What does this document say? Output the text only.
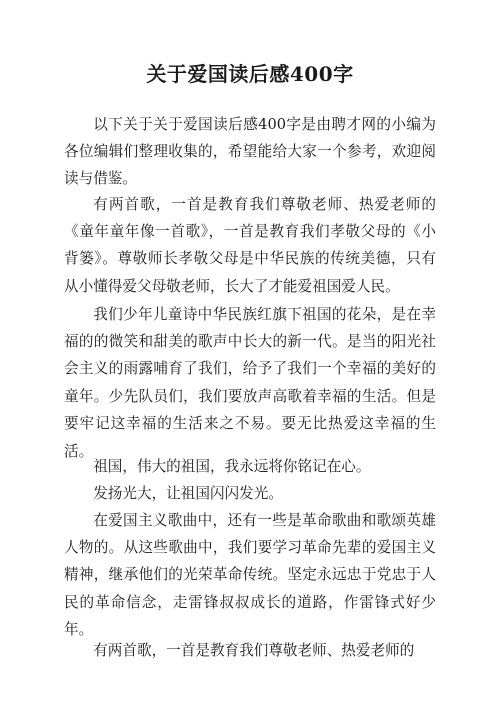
关于爱国读后感400字

以下关于关于爱国读后感400字是由聘才网的小编为各位编辑们整理收集的，希望能给大家一个参考，欢迎阅读与借鉴。

有两首歌，一首是教育我们尊敬老师、热爱老师的《童年童年像一首歌》，一首是教育我们孝敬父母的《小背篓》。尊敬师长孝敬父母是中华民族的传统美德，只有从小懂得爱父母敬老师，长大了才能爱祖国爱人民。

我们少年儿童诗中华民族红旗下祖国的花朵，是在幸福的的微笑和甜美的歌声中长大的新一代。是当的阳光社会主义的雨露哺育了我们，给予了我们一个幸福的美好的童年。少先队员们，我们要放声高歌着幸福的生活。但是要牢记这幸福的生活来之不易。要无比热爱这幸福的生活。

祖国，伟大的祖国，我永远将你铭记在心。

发扬光大，让祖国闪闪发光。

在爱国主义歌曲中，还有一些是革命歌曲和歌颂英雄人物的。从这些歌曲中，我们要学习革命先辈的爱国主义精神，继承他们的光荣革命传统。坚定永远忠于党忠于人民的革命信念，走雷锋叔叔成长的道路，作雷锋式好少年。

有两首歌，一首是教育我们尊敬老师、热爱老师的
